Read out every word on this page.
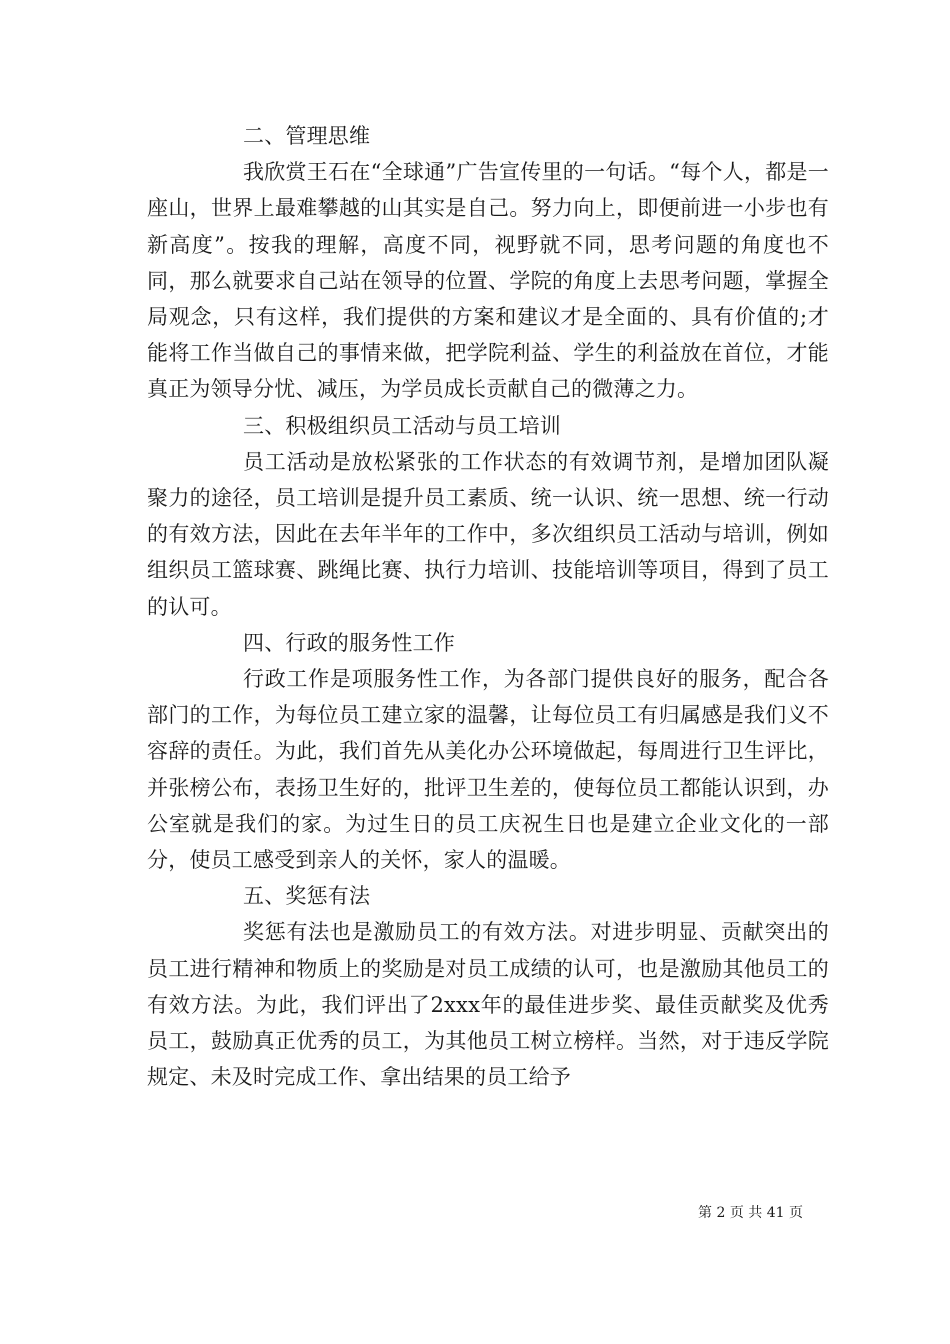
二、管理思维

我欣赏王石在“全球通”广告宣传里的一句话。“每个人，都是一座山，世界上最难攀越的山其实是自己。努力向上，即便前进一小步也有新高度”。按我的理解，高度不同，视野就不同，思考问题的角度也不同，那么就要求自己站在领导的位置、学院的角度上去思考问题，掌握全局观念，只有这样，我们提供的方案和建议才是全面的、具有价值的;才能将工作当做自己的事情来做，把学院利益、学生的利益放在首位，才能真正为领导分忧、减压，为学员成长贡献自己的微薄之力。

三、积极组织员工活动与员工培训

员工活动是放松紧张的工作状态的有效调节剂，是增加团队凝聚力的途径，员工培训是提升员工素质、统一认识、统一思想、统一行动的有效方法，因此在去年半年的工作中，多次组织员工活动与培训，例如组织员工篮球赛、跳绳比赛、执行力培训、技能培训等项目，得到了员工的认可。

四、行政的服务性工作

行政工作是项服务性工作，为各部门提供良好的服务，配合各部门的工作，为每位员工建立家的温馨，让每位员工有归属感是我们义不容辞的责任。为此，我们首先从美化办公环境做起，每周进行卫生评比，并张榜公布，表扬卫生好的，批评卫生差的，使每位员工都能认识到，办公室就是我们的家。为过生日的员工庆祝生日也是建立企业文化的一部分，使员工感受到亲人的关怀，家人的温暖。

五、奖惩有法

奖惩有法也是激励员工的有效方法。对进步明显、贡献突出的员工进行精神和物质上的奖励是对员工成绩的认可，也是激励其他员工的有效方法。为此，我们评出了2xxx年的最佳进步奖、最佳贡献奖及优秀员工，鼓励真正优秀的员工，为其他员工树立榜样。当然，对于违反学院规定、未及时完成工作、拿出结果的员工给予

第 2 页 共 41 页
